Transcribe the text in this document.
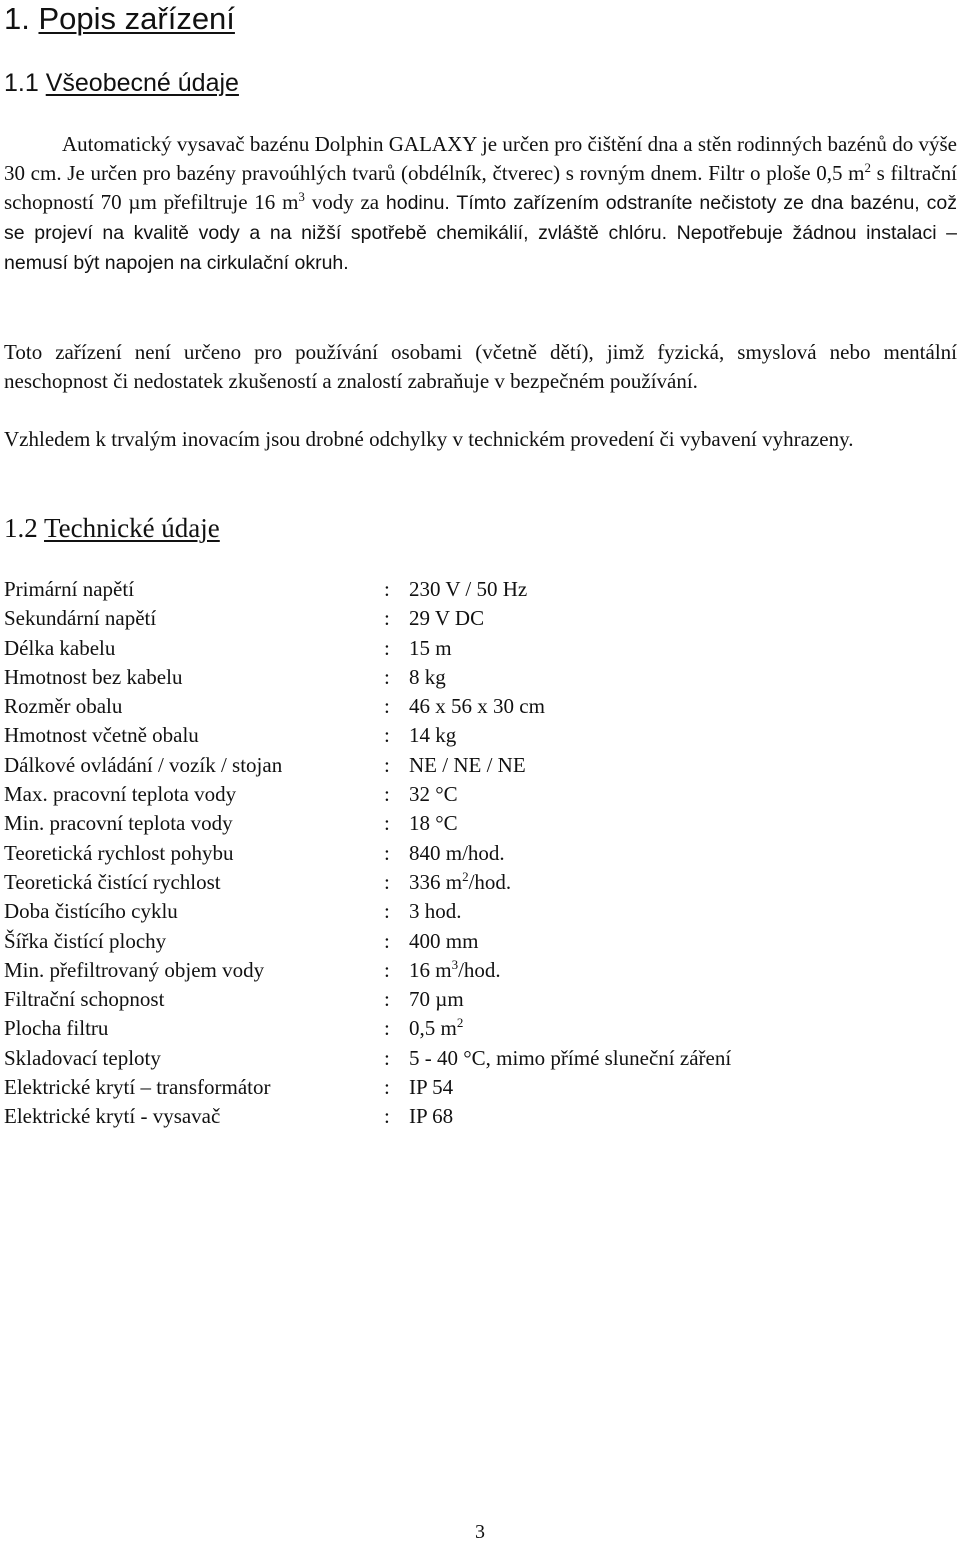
1. Popis zařízení
1.1 Všeobecné údaje

Automatický vysavač bazénu Dolphin GALAXY je určen pro čištění dna a stěn rodinných bazénů do výše 30 cm. Je určen pro bazény pravoúhlých tvarů (obdélník, čtverec) s rovným dnem. Filtr o ploše 0,5 $m^2$ s filtrační schopností 70 µm přefiltruje 16 $m^3$ vody za hodinu. Tímto zařízením odstraníte nečistoty ze dna bazénu, což se projeví na kvalitě vody a na nižší spotřebě chemikálií, zvláště chlóru. Nepotřebuje žádnou instalaci – nemusí být napojen na cirkulační okruh.

Toto zařízení není určeno pro používání osobami (včetně dětí), jimž fyzická, smyslová nebo mentální neschopnost či nedostatek zkušeností a znalostí zabraňuje v bezpečném používání.

Vzhledem k trvalým inovacím jsou drobné odchylky v technickém provedení či vybavení vyhrazeny.

1.2 Technické údaje
Primární napětí	: 230 V / 50 Hz
Sekundární napětí	: 29 V DC
Délka kabelu	: 15 m
Hmotnost bez kabelu	: 8 kg
Rozměr obalu	: 46 x 56 x 30 cm
Hmotnost včetně obalu	: 14 kg
Dálkové ovládání / vozík / stojan	: NE / NE / NE
Max. pracovní teplota vody	: 32 °C
Min. pracovní teplota vody	: 18 °C
Teoretická rychlost pohybu	: 840 m/hod.
Teoretická čistící rychlost	: 336 $m^2$/hod.
Doba čistícího cyklu	: 3 hod.
Šířka čistící plochy	: 400 mm
Min. přefiltrovaný objem vody	: 16 $m^3$/hod.
Filtrační schopnost	: 70 µm
Plocha filtru	: 0,5 $m^2$
Skladovací teploty	: 5 - 40 °C, mimo přímé sluneční záření
Elektrické krytí – transformátor	: IP 54
Elektrické krytí - vysavač	: IP 68
3
